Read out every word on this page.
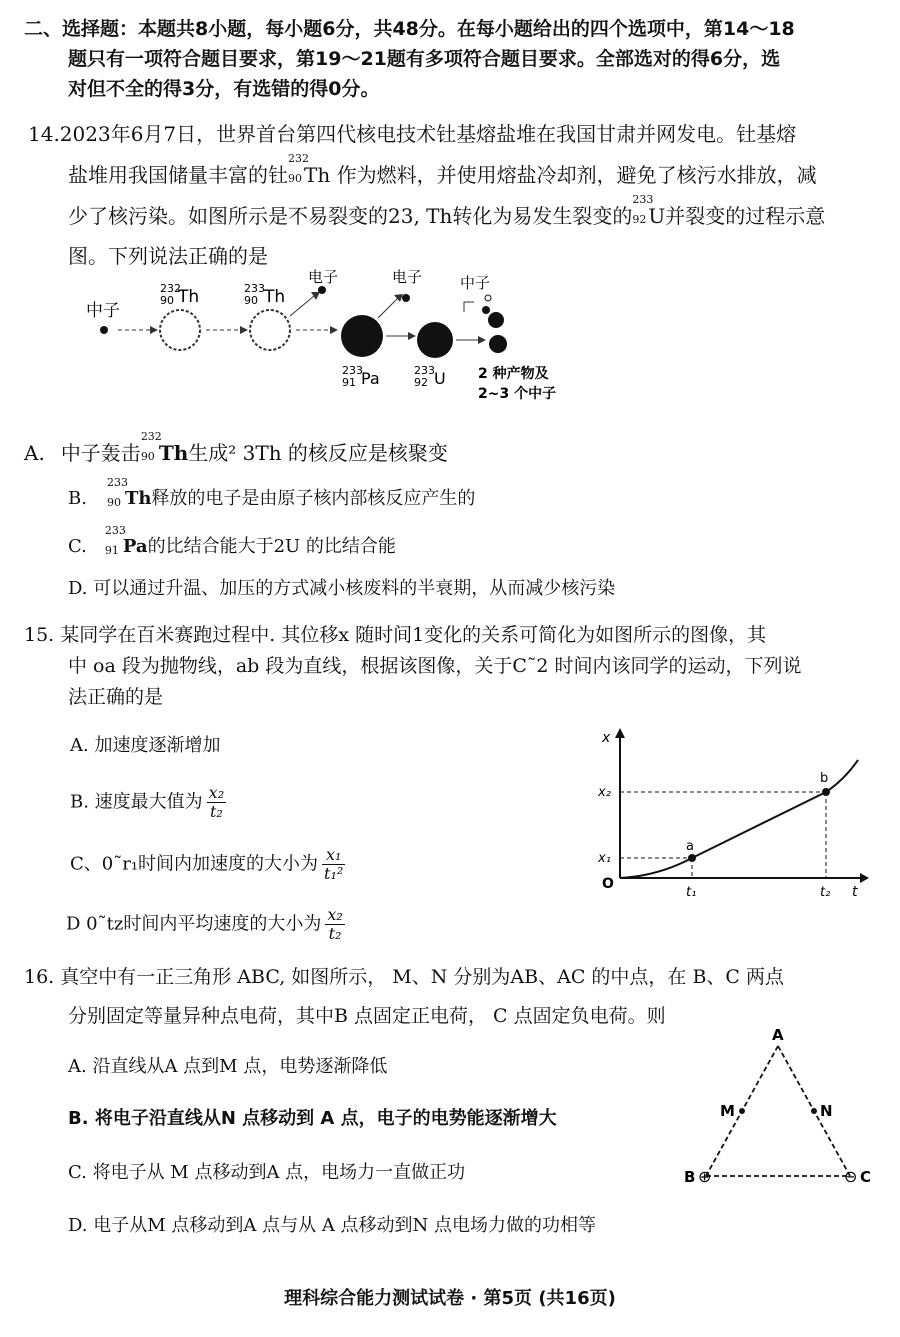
二、选择题：本题共8小题，每小题6分，共48分。在每小题给出的四个选项中，第14～18
题只有一项符合题目要求，第19～21题有多项符合题目要求。全部选对的得6分，选
对但不全的得3分，有选错的得0分。
14.2023年6月7日，世界首台第四代核电技术钍基熔盐堆在我国甘肃并网发电。钍基熔
盐堆用我国储量丰富的钍
232
90 Th 作为燃料，并使用熔盐冷却剂，避免了核污水排放，减
少了核污染。如图所示是不易裂变的23, Th转化为易发生裂变的
233
92 U并裂变的过程示意
图。下列说法正确的是
中子
232
90 Th	233
90 Th
电子
233
91 Pa
电子
233
92 U
中子
2 种产物及
2~3 个中子
A. 中子轰击
232
90 Th生成² 3Th 的核反应是核聚变
B.
233
90 Th释放的电子是由原子核内部核反应产生的
C.
233
91 Pa的比结合能大于2U 的比结合能
D. 可以通过升温、加压的方式减小核废料的半衰期，从而减少核污染
15. 某同学在百米赛跑过程中. 其位移x 随时间1变化的关系可简化为如图所示的图像，其
中 oa 段为抛物线，ab 段为直线，根据该图像，关于C˜2 时间内该同学的运动，下列说
法正确的是
A. 加速度逐渐增加
B. 速度最大值为 $\frac{\text{x₂}}{\text{t₂}}$
C、0˜r₁时间内加速度的大小为 $\frac{\text{x₁}}{\text{t₁²}}$
D 0˜tz时间内平均速度的大小为 $\frac{\text{x₂}}{\text{t₂}}$
t
x
O
a
b
x₁
x₂
t₁	t₂
16. 真空中有一正三角形 ABC, 如图所示， M、N 分别为AB、AC 的中点，在 B、C 两点
分别固定等量异种点电荷，其中B 点固定正电荷， C 点固定负电荷。则
A. 沿直线从A 点到M 点，电势逐渐降低
B. 将电子沿直线从N 点移动到 A 点，电子的电势能逐渐增大
C. 将电子从 M 点移动到A 点，电场力一直做正功
D. 电子从M 点移动到A 点与从 A 点移动到N 点电场力做的功相等
A
M	N
B ⊕	⊖ C
理科综合能力测试试卷 · 第5页 (共16页)
